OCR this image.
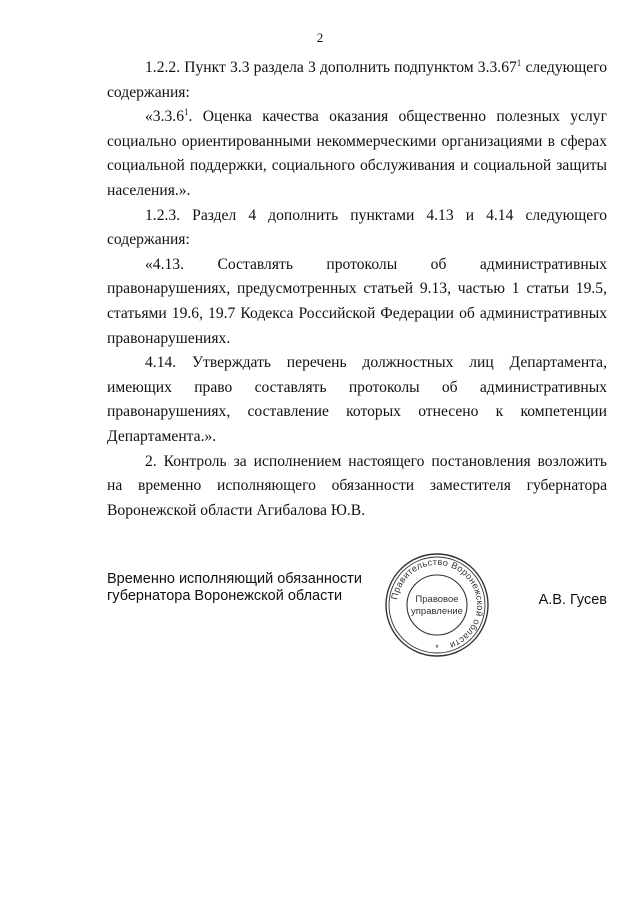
2

1.2.2. Пункт 3.3 раздела 3 дополнить подпунктом 3.3.67$^1$ следующего содержания:

«3.3.6$^1$. Оценка качества оказания общественно полезных услуг социально ориентированными некоммерческими организациями в сферах социальной поддержки, социального обслуживания и социальной защиты населения.».

1.2.3. Раздел 4 дополнить пунктами 4.13 и 4.14 следующего содержания:

«4.13. Составлять протоколы об административных правонарушениях, предусмотренных статьей 9.13, частью 1 статьи 19.5, статьями 19.6, 19.7 Кодекса Российской Федерации об административных правонарушениях.

4.14. Утверждать перечень должностных лиц Департамента, имеющих право составлять протоколы об административных правонарушениях, составление которых отнесено к компетенции Департамента.».

2. Контроль за исполнением настоящего постановления возложить на временно исполняющего обязанности заместителя губернатора Воронежской области Агибалова Ю.В.

Временно исполняющий обязанности
губернатора Воронежской области	Правительство Воронежской области
Правовое
управление
*
А.В. Гусев
